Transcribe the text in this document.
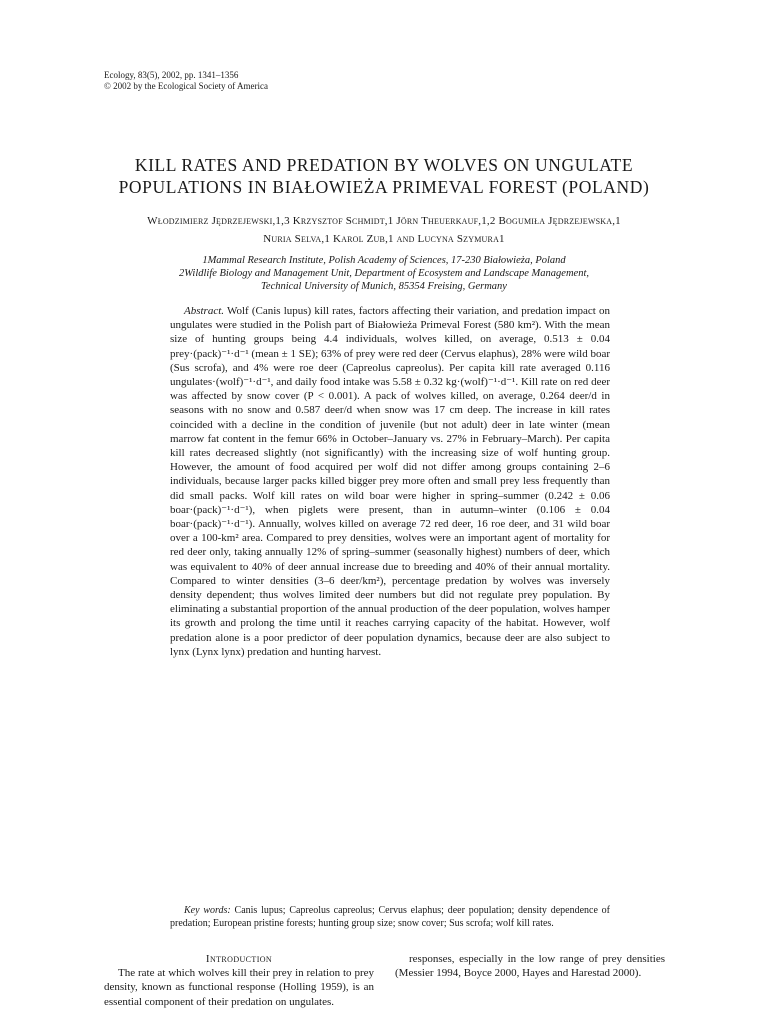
Ecology, 83(5), 2002, pp. 1341–1356
© 2002 by the Ecological Society of America
KILL RATES AND PREDATION BY WOLVES ON UNGULATE
POPULATIONS IN BIAŁOWIEŻA PRIMEVAL FOREST (POLAND)
Włodzimierz Jędrzejewski,1,3 Krzysztof Schmidt,1 Jörn Theuerkauf,1,2 Bogumiła Jędrzejewska,1
Nuria Selva,1 Karol Zub,1 and Lucyna Szymura1
1Mammal Research Institute, Polish Academy of Sciences, 17-230 Białowieża, Poland
2Wildlife Biology and Management Unit, Department of Ecosystem and Landscape Management,
Technical University of Munich, 85354 Freising, Germany

Abstract. Wolf (Canis lupus) kill rates, factors affecting their variation, and predation impact on ungulates were studied in the Polish part of Białowieża Primeval Forest (580 km²). With the mean size of hunting groups being 4.4 individuals, wolves killed, on average, 0.513 ± 0.04 prey·(pack)⁻¹·d⁻¹ (mean ± 1 SE); 63% of prey were red deer (Cervus elaphus), 28% were wild boar (Sus scrofa), and 4% were roe deer (Capreolus capreolus). Per capita kill rate averaged 0.116 ungulates·(wolf)⁻¹·d⁻¹, and daily food intake was 5.58 ± 0.32 kg·(wolf)⁻¹·d⁻¹. Kill rate on red deer was affected by snow cover (P < 0.001). A pack of wolves killed, on average, 0.264 deer/d in seasons with no snow and 0.587 deer/d when snow was 17 cm deep. The increase in kill rates coincided with a decline in the condition of juvenile (but not adult) deer in late winter (mean marrow fat content in the femur 66% in October–January vs. 27% in February–March). Per capita kill rates decreased slightly (not significantly) with the increasing size of wolf hunting group. However, the amount of food acquired per wolf did not differ among groups containing 2–6 individuals, because larger packs killed bigger prey more often and small prey less frequently than did small packs. Wolf kill rates on wild boar were higher in spring–summer (0.242 ± 0.06 boar·(pack)⁻¹·d⁻¹), when piglets were present, than in autumn–winter (0.106 ± 0.04 boar·(pack)⁻¹·d⁻¹). Annually, wolves killed on average 72 red deer, 16 roe deer, and 31 wild boar over a 100-km² area. Compared to prey densities, wolves were an important agent of mortality for red deer only, taking annually 12% of spring–summer (seasonally highest) numbers of deer, which was equivalent to 40% of deer annual increase due to breeding and 40% of their annual mortality. Compared to winter densities (3–6 deer/km²), percentage predation by wolves was inversely density dependent; thus wolves limited deer numbers but did not regulate prey population. By eliminating a substantial proportion of the annual production of the deer population, wolves hamper its growth and prolong the time until it reaches carrying capacity of the habitat. However, wolf predation alone is a poor predictor of deer population dynamics, because deer are also subject to lynx (Lynx lynx) predation and hunting harvest.

Key words: Canis lupus; Capreolus capreolus; Cervus elaphus; deer population; density dependence of predation; European pristine forests; hunting group size; snow cover; Sus scrofa; wolf kill rates.

Introduction

The rate at which wolves kill their prey in relation to prey density, known as functional response (Holling 1959), is an essential component of their predation on ungulates.

responses, especially in the low range of prey densities (Messier 1994, Boyce 2000, Hayes and Harestad 2000).
